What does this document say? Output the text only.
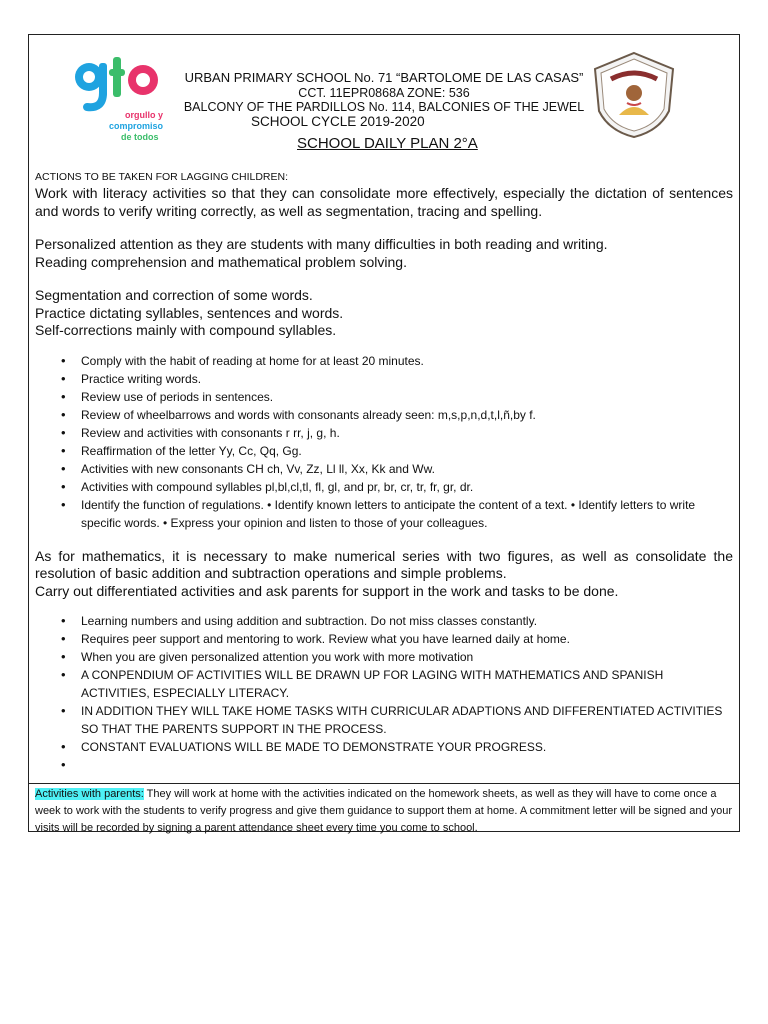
orgullo y
compromiso
de todos
URBAN PRIMARY SCHOOL No. 71 “BARTOLOME DE LAS CASAS”
CCT. 11EPR0868A ZONE: 536
BALCONY OF THE PARDILLOS No. 114, BALCONIES OF THE JEWEL
SCHOOL CYCLE 2019-2020
SCHOOL DAILY PLAN 2°A

ACTIONS TO BE TAKEN FOR LAGGING CHILDREN:

Work with literacy activities so that they can consolidate more effectively, especially the dictation of sentences and words to verify writing correctly, as well as segmentation, tracing and spelling.

Personalized attention as they are students with many difficulties in both reading and writing.

Reading comprehension and mathematical problem solving.

Segmentation and correction of some words.

Practice dictating syllables, sentences and words.

Self-corrections mainly with compound syllables.

• Comply with the habit of reading at home for at least 20 minutes.
• Practice writing words.
• Review use of periods in sentences.
• Review of wheelbarrows and words with consonants already seen: m,s,p,n,d,t,l,ñ,by f.
• Review and activities with consonants r rr, j, g, h.
• Reaffirmation of the letter Yy, Cc, Qq, Gg.
• Activities with new consonants CH ch, Vv, Zz, Ll ll, Xx, Kk and Ww.
• Activities with compound syllables pl,bl,cl,tl, fl, gl, and pr, br, cr, tr, fr, gr, dr.
• Identify the function of regulations. • Identify known letters to anticipate the content of a text. • Identify letters to write specific words. • Express your opinion and listen to those of your colleagues.

As for mathematics, it is necessary to make numerical series with two figures, as well as consolidate the resolution of basic addition and subtraction operations and simple problems.

Carry out differentiated activities and ask parents for support in the work and tasks to be done.

• Learning numbers and using addition and subtraction. Do not miss classes constantly.
• Requires peer support and mentoring to work. Review what you have learned daily at home.
• When you are given personalized attention you work with more motivation
• A CONPENDIUM OF ACTIVITIES WILL BE DRAWN UP FOR LAGING WITH MATHEMATICS AND SPANISH ACTIVITIES, ESPECIALLY LITERACY.
• IN ADDITION THEY WILL TAKE HOME TASKS WITH CURRICULAR ADAPTIONS AND DIFFERENTIATED ACTIVITIES SO THAT THE PARENTS SUPPORT IN THE PROCESS.
• CONSTANT EVALUATIONS WILL BE MADE TO DEMONSTRATE YOUR PROGRESS.
Activities with parents: They will work at home with the activities indicated on the homework sheets, as well as they will have to come once a week to work with the students to verify progress and give them guidance to support them at home. A commitment letter will be signed and your visits will be recorded by signing a parent attendance sheet every time you come to school.
